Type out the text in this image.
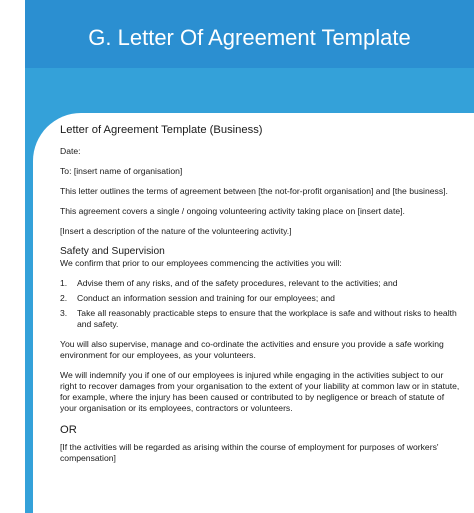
G. Letter Of Agreement Template

Letter of Agreement Template (Business)

Date:

To: [insert name of organisation]

This letter outlines the terms of agreement between [the not-for-profit organisation] and [the business].

This agreement covers a single / ongoing volunteering activity taking place on [insert date].

[Insert a description of the nature of the volunteering activity.]

Safety and Supervision

We confirm that prior to our employees commencing the activities you will:

1. Advise them of any risks, and of the safety procedures, relevant to the activities; and
2. Conduct an information session and training for our employees; and
3. Take all reasonably practicable steps to ensure that the workplace is safe and without risks to health and safety.

You will also supervise, manage and co-ordinate the activities and ensure you provide a safe working environment for our employees, as your volunteers.

We will indemnify you if one of our employees is injured while engaging in the activities subject to our right to recover damages from your organisation to the extent of your liability at common law or in statute, for example, where the injury has been caused or contributed to by negligence or breach of statute of your organisation or its employees, contractors or volunteers.

OR

[If the activities will be regarded as arising within the course of employment for purposes of workers' compensation]
